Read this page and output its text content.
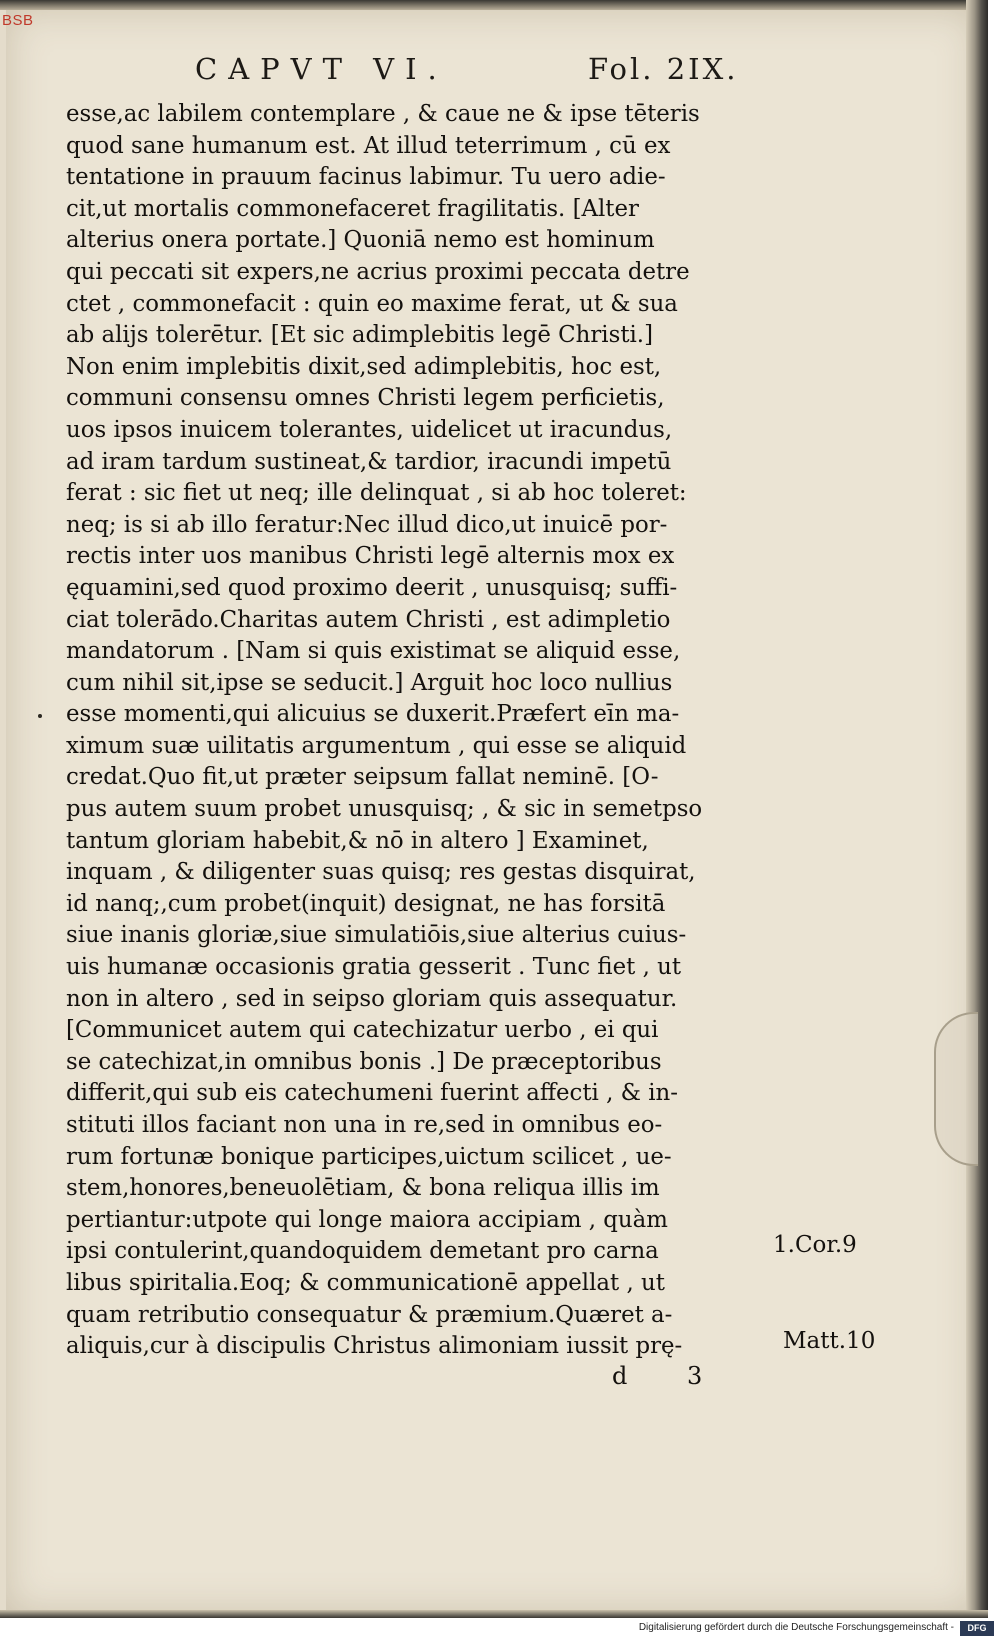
BSB
CAPVT VI.	Fol. 2IX.
esse,ac labilem contemplare , & caue ne & ipse tēteris
quod sane humanum est. At illud teterrimum , cū ex
tentatione in prauum facinus labimur. Tu uero adie-
cit,ut mortalis commonefaceret fragilitatis. [Alter
alterius onera portate.] Quoniā nemo est hominum
qui peccati sit expers,ne acrius proximi peccata detre
ctet , commonefacit : quin eo maxime ferat, ut & sua
ab alijs tolerētur. [Et sic adimplebitis legē Christi.]
Non enim implebitis dixit,sed adimplebitis, hoc est,
communi consensu omnes Christi legem perficietis,
uos ipsos inuicem tolerantes, uidelicet ut iracundus,
ad iram tardum sustineat,& tardior, iracundi impetū
ferat : sic fiet ut neq; ille delinquat , si ab hoc toleret:
neq; is si ab illo feratur:Nec illud dico,ut inuicē por-
rectis inter uos manibus Christi legē alternis mox ex
ęquamini,sed quod proximo deerit , unusquisq; suffi-
ciat tolerādo.Charitas autem Christi , est adimpletio
mandatorum . [Nam si quis existimat se aliquid esse,
cum nihil sit,ipse se seducit.] Arguit hoc loco nullius
esse momenti,qui alicuius se duxerit.Præfert eīn ma-
ximum suæ uilitatis argumentum , qui esse se aliquid
credat.Quo fit,ut præter seipsum fallat neminē. [O-
pus autem suum probet unusquisq; , & sic in semetpso
tantum gloriam habebit,& nō in altero ] Examinet,
inquam , & diligenter suas quisq; res gestas disquirat,
id nanq;,cum probet(inquit) designat, ne has forsitā
siue inanis gloriæ,siue simulatiōis,siue alterius cuius-
uis humanæ occasionis gratia gesserit . Tunc fiet , ut
non in altero , sed in seipso gloriam quis assequatur.
[Communicet autem qui catechizatur uerbo , ei qui
se catechizat,in omnibus bonis .] De præceptoribus
differit,qui sub eis catechumeni fuerint affecti , & in-
stituti illos faciant non una in re,sed in omnibus eo-
rum fortunæ bonique participes,uictum scilicet , ue-
stem,honores,beneuolētiam, & bona reliqua illis im
pertiantur:utpote qui longe maiora accipiam , quàm
ipsi contulerint,quandoquidem demetant pro carna
libus spiritalia.Eoq; & communicationē appellat , ut
quam retributio consequatur & præmium.Quæret a-
aliquis,cur à discipulis Christus alimoniam iussit prę-
1.Cor.9
Matt.10
d 3
Digitalisierung gefördert durch die Deutsche Forschungsgemeinschaft -	DFG
